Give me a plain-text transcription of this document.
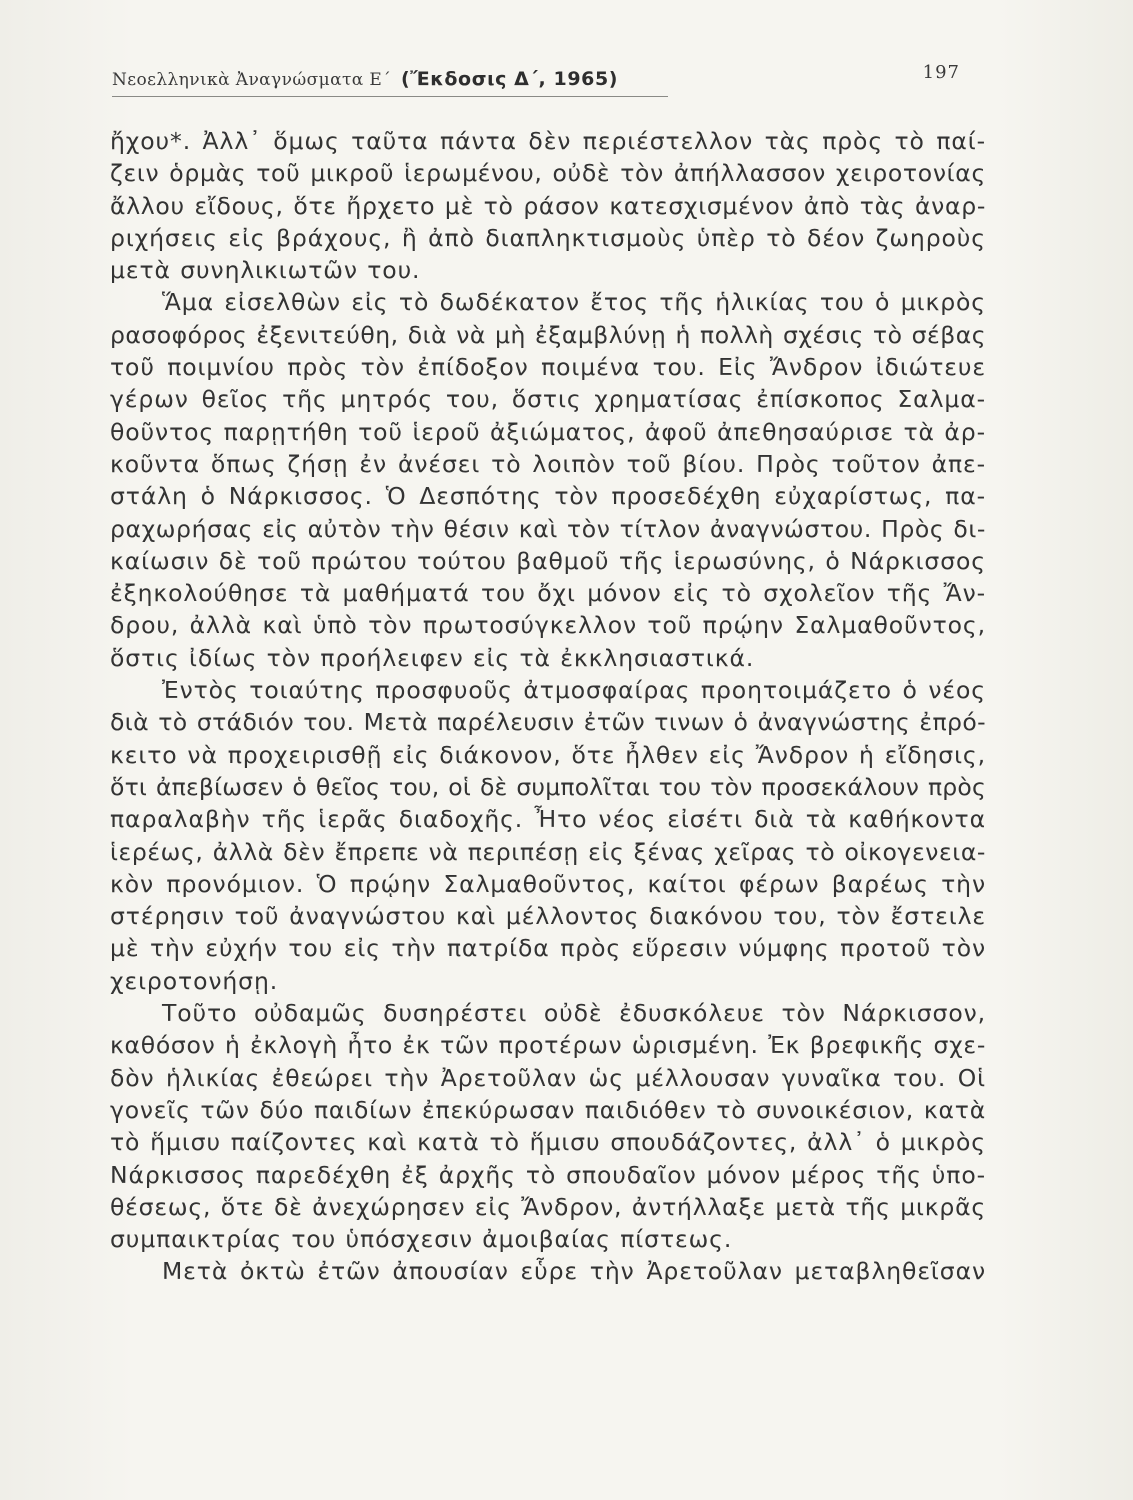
Νεοελληνικὰ Ἀναγνώσματα Ε΄ (Ἔκδοσις Δ΄, 1965)	197
ἤχου*. Ἀλλ᾽ ὅμως ταῦτα πάντα δὲν περιέστελλον τὰς πρὸς τὸ παί-
ζειν ὁρμὰς τοῦ μικροῦ ἱερωμένου, οὐδὲ τὸν ἀπήλλασσον χειροτονίας
ἄλλου εἴδους, ὅτε ἤρχετο μὲ τὸ ράσον κατεσχισμένον ἀπὸ τὰς ἀναρ-
ριχήσεις εἰς βράχους, ἢ ἀπὸ διαπληκτισμοὺς ὑπὲρ τὸ δέον ζωηροὺς
μετὰ συνηλικιωτῶν του.
Ἅμα εἰσελθὼν εἰς τὸ δωδέκατον ἔτος τῆς ἡλικίας του ὁ μικρὸς
ρασοφόρος ἐξενιτεύθη, διὰ νὰ μὴ ἐξαμβλύνῃ ἡ πολλὴ σχέσις τὸ σέβας
τοῦ ποιμνίου πρὸς τὸν ἐπίδοξον ποιμένα του. Εἰς Ἄνδρον ἰδιώτευε
γέρων θεῖος τῆς μητρός του, ὅστις χρηματίσας ἐπίσκοπος Σαλμα-
θοῦντος παρῃτήθη τοῦ ἱεροῦ ἀξιώματος, ἀφοῦ ἀπεθησαύρισε τὰ ἀρ-
κοῦντα ὅπως ζήσῃ ἐν ἀνέσει τὸ λοιπὸν τοῦ βίου. Πρὸς τοῦτον ἀπε-
στάλη ὁ Νάρκισσος. Ὁ Δεσπότης τὸν προσεδέχθη εὐχαρίστως, πα-
ραχωρήσας εἰς αὐτὸν τὴν θέσιν καὶ τὸν τίτλον ἀναγνώστου. Πρὸς δι-
καίωσιν δὲ τοῦ πρώτου τούτου βαθμοῦ τῆς ἱερωσύνης, ὁ Νάρκισσος
ἐξηκολούθησε τὰ μαθήματά του ὄχι μόνον εἰς τὸ σχολεῖον τῆς Ἄν-
δρου, ἀλλὰ καὶ ὑπὸ τὸν πρωτοσύγκελλον τοῦ πρῴην Σαλμαθοῦντος,
ὅστις ἰδίως τὸν προήλειφεν εἰς τὰ ἐκκλησιαστικά.
Ἐντὸς τοιαύτης προσφυοῦς ἀτμοσφαίρας προητοιμάζετο ὁ νέος
διὰ τὸ στάδιόν του. Μετὰ παρέλευσιν ἐτῶν τινων ὁ ἀναγνώστης ἐπρό-
κειτο νὰ προχειρισθῇ εἰς διάκονον, ὅτε ἦλθεν εἰς Ἄνδρον ἡ εἴδησις,
ὅτι ἀπεβίωσεν ὁ θεῖος του, οἱ δὲ συμπολῖται του τὸν προσεκάλουν πρὸς
παραλαβὴν τῆς ἱερᾶς διαδοχῆς. Ἦτο νέος εἰσέτι διὰ τὰ καθήκοντα
ἱερέως, ἀλλὰ δὲν ἔπρεπε νὰ περιπέσῃ εἰς ξένας χεῖρας τὸ οἰκογενεια-
κὸν προνόμιον. Ὁ πρῴην Σαλμαθοῦντος, καίτοι φέρων βαρέως τὴν
στέρησιν τοῦ ἀναγνώστου καὶ μέλλοντος διακόνου του, τὸν ἔστειλε
μὲ τὴν εὐχήν του εἰς τὴν πατρίδα πρὸς εὕρεσιν νύμφης προτοῦ τὸν
χειροτονήσῃ.
Τοῦτο οὐδαμῶς δυσηρέστει οὐδὲ ἐδυσκόλευε τὸν Νάρκισσον,
καθόσον ἡ ἐκλογὴ ἦτο ἐκ τῶν προτέρων ὡρισμένη. Ἐκ βρεφικῆς σχε-
δὸν ἡλικίας ἐθεώρει τὴν Ἀρετοῦλαν ὡς μέλλουσαν γυναῖκα του. Οἱ
γονεῖς τῶν δύο παιδίων ἐπεκύρωσαν παιδιόθεν τὸ συνοικέσιον, κατὰ
τὸ ἥμισυ παίζοντες καὶ κατὰ τὸ ἥμισυ σπουδάζοντες, ἀλλ᾽ ὁ μικρὸς
Νάρκισσος παρεδέχθη ἐξ ἀρχῆς τὸ σπουδαῖον μόνον μέρος τῆς ὑπο-
θέσεως, ὅτε δὲ ἀνεχώρησεν εἰς Ἄνδρον, ἀντήλλαξε μετὰ τῆς μικρᾶς
συμπαικτρίας του ὑπόσχεσιν ἀμοιβαίας πίστεως.
Μετὰ ὀκτὼ ἐτῶν ἀπουσίαν εὗρε τὴν Ἀρετοῦλαν μεταβληθεῖσαν
